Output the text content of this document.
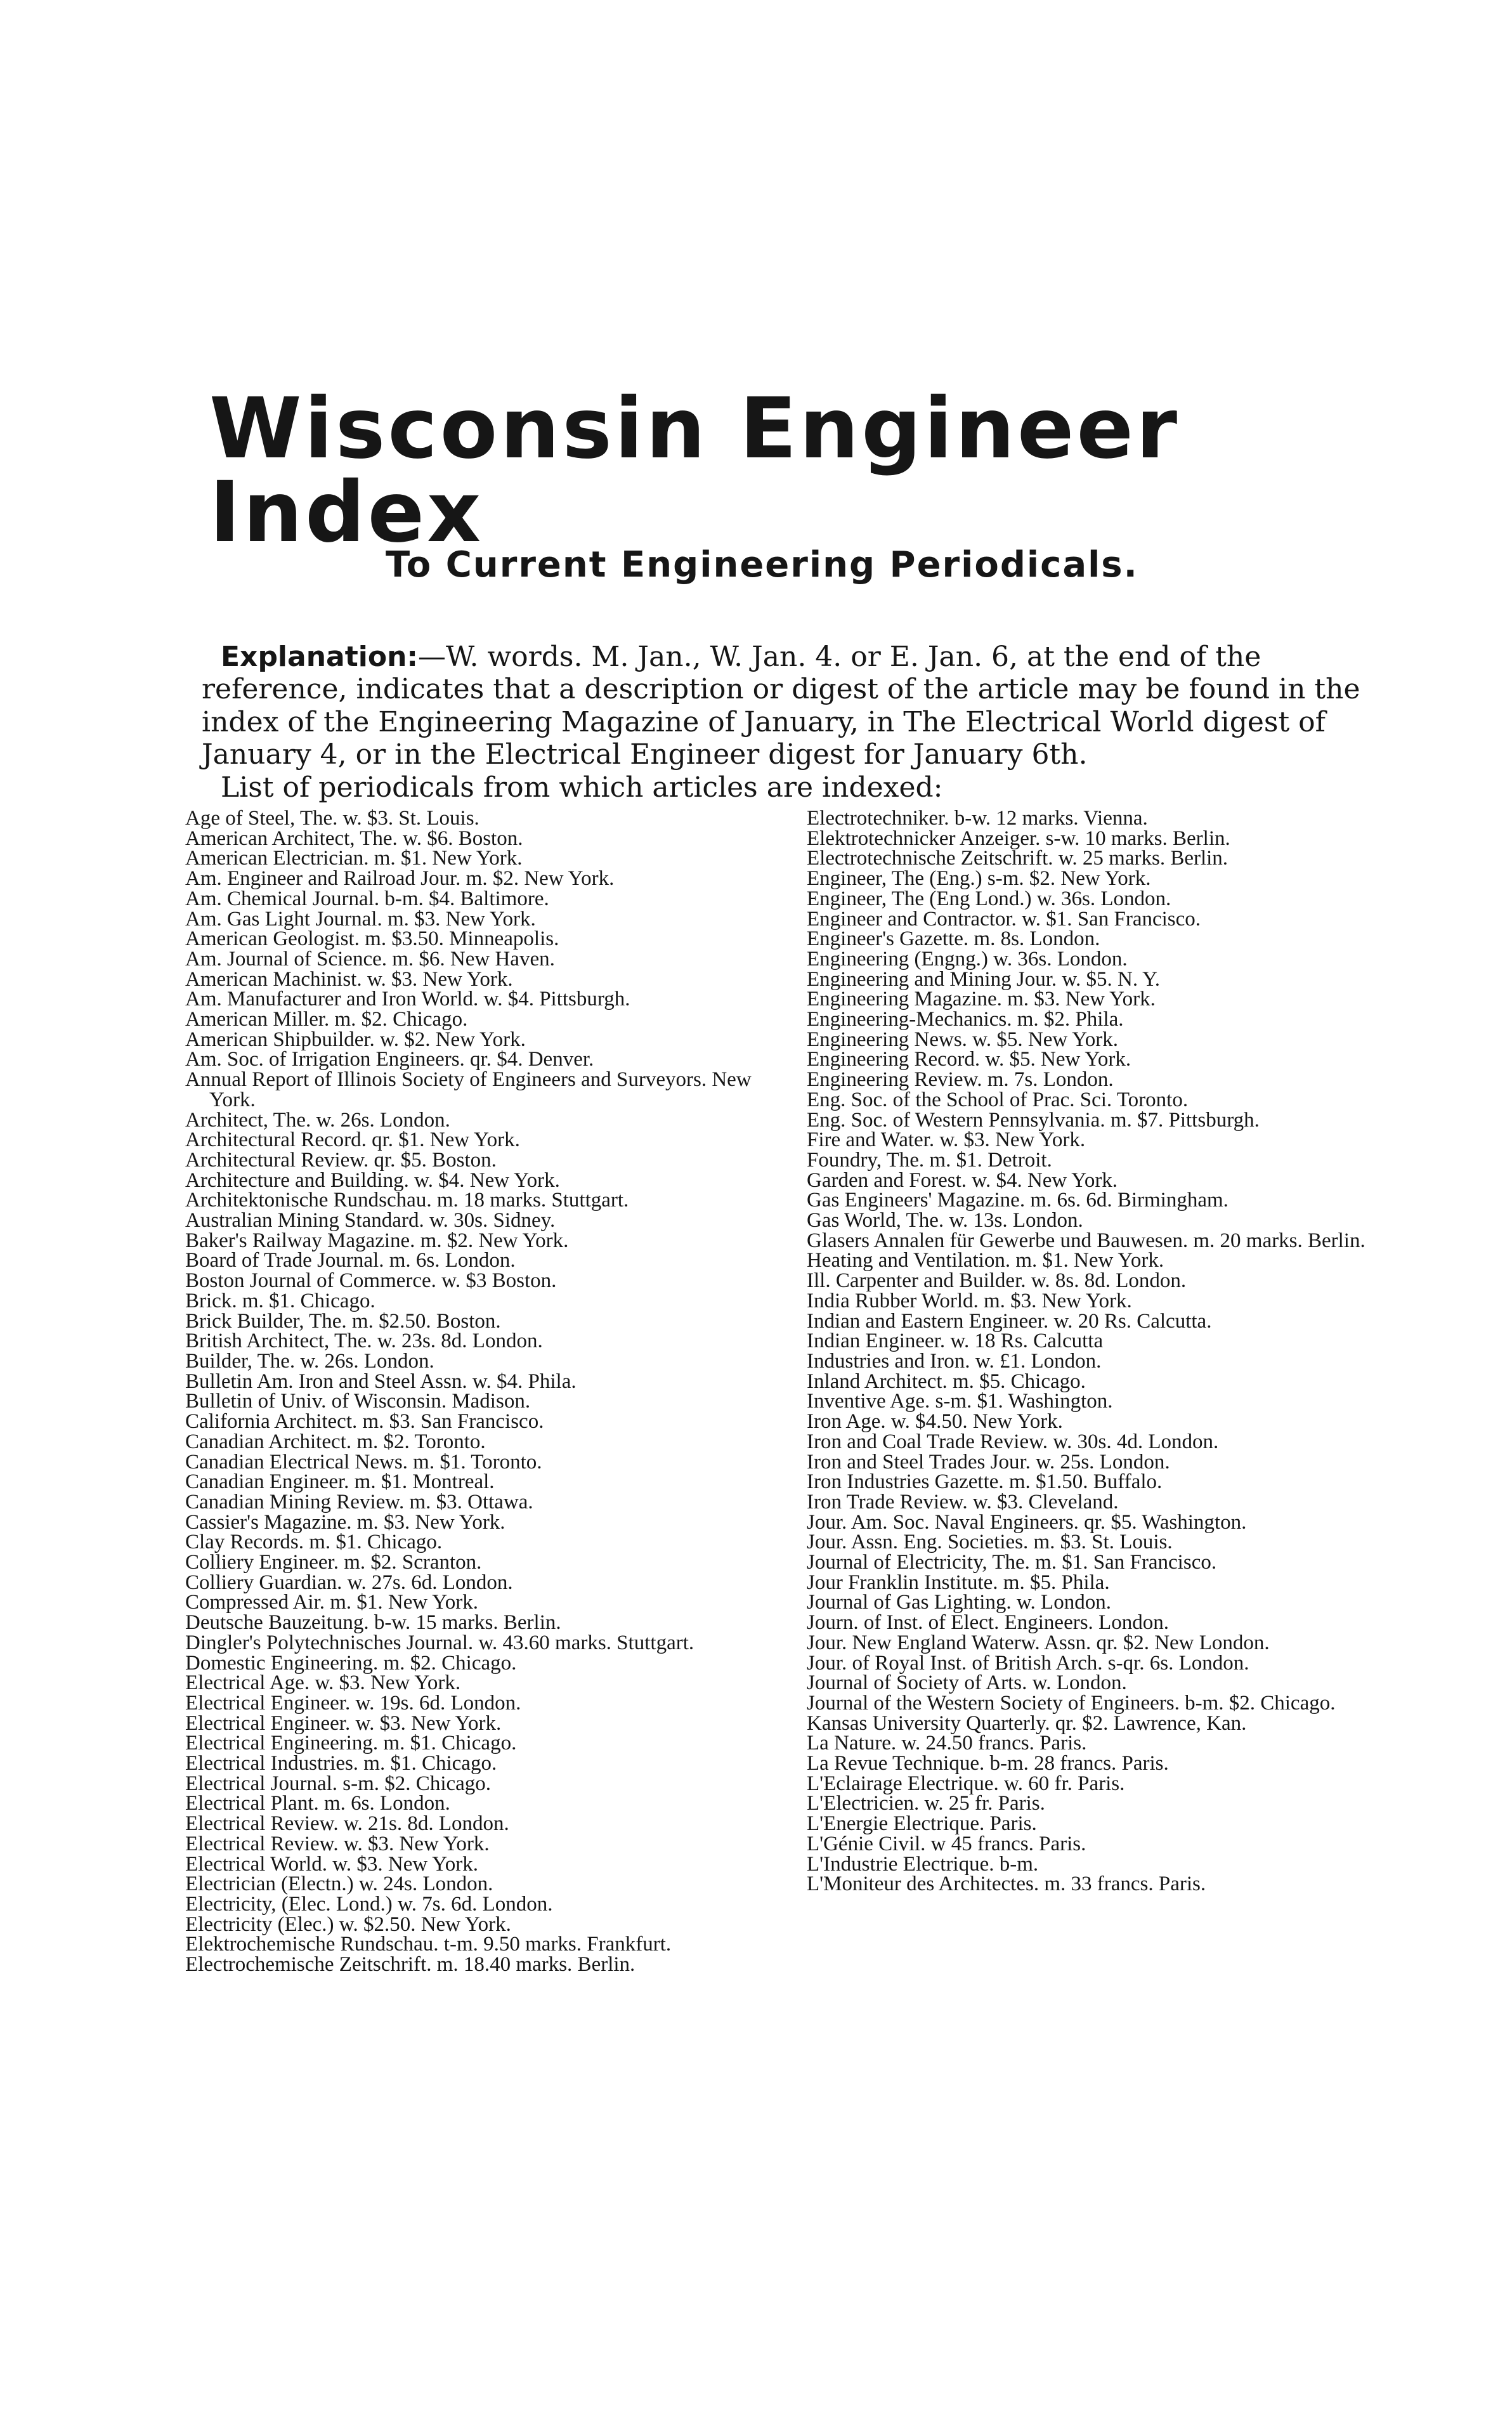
Wisconsin Engineer Index
To Current Engineering Periodicals.
Explanation:—W. words. M. Jan., W. Jan. 4. or E. Jan. 6, at the end of the reference, indicates that a description or digest of the article may be found in the index of the Engineering Magazine of January, in The Electrical World digest of January 4, or in the Electrical Engineer digest for January 6th.
List of periodicals from which articles are indexed:

Age of Steel, The. w. $3. St. Louis.

American Architect, The. w. $6. Boston.

American Electrician. m. $1. New York.

Am. Engineer and Railroad Jour. m. $2. New York.

Am. Chemical Journal. b-m. $4. Baltimore.

Am. Gas Light Journal. m. $3. New York.

American Geologist. m. $3.50. Minneapolis.

Am. Journal of Science. m. $6. New Haven.

American Machinist. w. $3. New York.

Am. Manufacturer and Iron World. w. $4. Pittsburgh.

American Miller. m. $2. Chicago.

American Shipbuilder. w. $2. New York.

Am. Soc. of Irrigation Engineers. qr. $4. Denver.

Annual Report of Illinois Society of Engineers and Surveyors. New York.

Architect, The. w. 26s. London.

Architectural Record. qr. $1. New York.

Architectural Review. qr. $5. Boston.

Architecture and Building. w. $4. New York.

Architektonische Rundschau. m. 18 marks. Stuttgart.

Australian Mining Standard. w. 30s. Sidney.

Baker's Railway Magazine. m. $2. New York.

Board of Trade Journal. m. 6s. London.

Boston Journal of Commerce. w. $3 Boston.

Brick. m. $1. Chicago.

Brick Builder, The. m. $2.50. Boston.

British Architect, The. w. 23s. 8d. London.

Builder, The. w. 26s. London.

Bulletin Am. Iron and Steel Assn. w. $4. Phila.

Bulletin of Univ. of Wisconsin. Madison.

California Architect. m. $3. San Francisco.

Canadian Architect. m. $2. Toronto.

Canadian Electrical News. m. $1. Toronto.

Canadian Engineer. m. $1. Montreal.

Canadian Mining Review. m. $3. Ottawa.

Cassier's Magazine. m. $3. New York.

Clay Records. m. $1. Chicago.

Colliery Engineer. m. $2. Scranton.

Colliery Guardian. w. 27s. 6d. London.

Compressed Air. m. $1. New York.

Deutsche Bauzeitung. b-w. 15 marks. Berlin.

Dingler's Polytechnisches Journal. w. 43.60 marks. Stuttgart.

Domestic Engineering. m. $2. Chicago.

Electrical Age. w. $3. New York.

Electrical Engineer. w. 19s. 6d. London.

Electrical Engineer. w. $3. New York.

Electrical Engineering. m. $1. Chicago.

Electrical Industries. m. $1. Chicago.

Electrical Journal. s-m. $2. Chicago.

Electrical Plant. m. 6s. London.

Electrical Review. w. 21s. 8d. London.

Electrical Review. w. $3. New York.

Electrical World. w. $3. New York.

Electrician (Electn.) w. 24s. London.

Electricity, (Elec. Lond.) w. 7s. 6d. London.

Electricity (Elec.) w. $2.50. New York.

Elektrochemische Rundschau. t-m. 9.50 marks. Frankfurt.

Electrochemische Zeitschrift. m. 18.40 marks. Berlin.

Electrotechniker. b-w. 12 marks. Vienna.

Elektrotechnicker Anzeiger. s-w. 10 marks. Berlin.

Electrotechnische Zeitschrift. w. 25 marks. Berlin.

Engineer, The (Eng.) s-m. $2. New York.

Engineer, The (Eng Lond.) w. 36s. London.

Engineer and Contractor. w. $1. San Francisco.

Engineer's Gazette. m. 8s. London.

Engineering (Engng.) w. 36s. London.

Engineering and Mining Jour. w. $5. N. Y.

Engineering Magazine. m. $3. New York.

Engineering-Mechanics. m. $2. Phila.

Engineering News. w. $5. New York.

Engineering Record. w. $5. New York.

Engineering Review. m. 7s. London.

Eng. Soc. of the School of Prac. Sci. Toronto.

Eng. Soc. of Western Pennsylvania. m. $7. Pittsburgh.

Fire and Water. w. $3. New York.

Foundry, The. m. $1. Detroit.

Garden and Forest. w. $4. New York.

Gas Engineers' Magazine. m. 6s. 6d. Birmingham.

Gas World, The. w. 13s. London.

Glasers Annalen für Gewerbe und Bauwesen. m. 20 marks. Berlin.

Heating and Ventilation. m. $1. New York.

Ill. Carpenter and Builder. w. 8s. 8d. London.

India Rubber World. m. $3. New York.

Indian and Eastern Engineer. w. 20 Rs. Calcutta.

Indian Engineer. w. 18 Rs. Calcutta

Industries and Iron. w. £1. London.

Inland Architect. m. $5. Chicago.

Inventive Age. s-m. $1. Washington.

Iron Age. w. $4.50. New York.

Iron and Coal Trade Review. w. 30s. 4d. London.

Iron and Steel Trades Jour. w. 25s. London.

Iron Industries Gazette. m. $1.50. Buffalo.

Iron Trade Review. w. $3. Cleveland.

Jour. Am. Soc. Naval Engineers. qr. $5. Washington.

Jour. Assn. Eng. Societies. m. $3. St. Louis.

Journal of Electricity, The. m. $1. San Francisco.

Jour Franklin Institute. m. $5. Phila.

Journal of Gas Lighting. w. London.

Journ. of Inst. of Elect. Engineers. London.

Jour. New England Waterw. Assn. qr. $2. New London.

Jour. of Royal Inst. of British Arch. s-qr. 6s. London.

Journal of Society of Arts. w. London.

Journal of the Western Society of Engineers. b-m. $2. Chicago.

Kansas University Quarterly. qr. $2. Lawrence, Kan.

La Nature. w. 24.50 francs. Paris.

La Revue Technique. b-m. 28 francs. Paris.

L'Eclairage Electrique. w. 60 fr. Paris.

L'Electricien. w. 25 fr. Paris.

L'Energie Electrique. Paris.

L'Génie Civil. w 45 francs. Paris.

L'Industrie Electrique. b-m.

L'Moniteur des Architectes. m. 33 francs. Paris.
